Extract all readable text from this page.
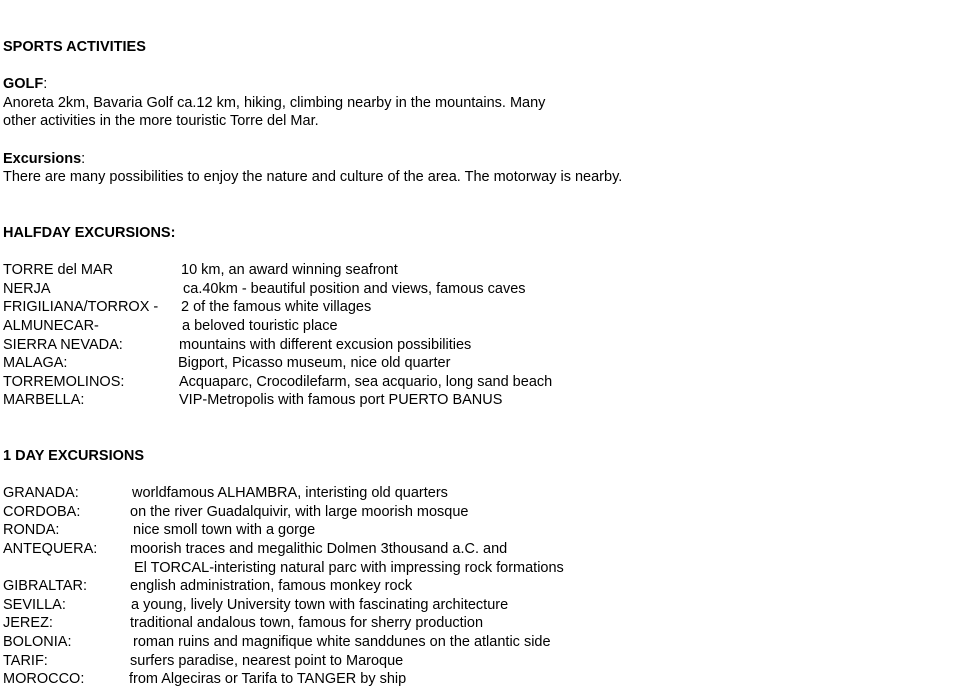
SPORTS ACTIVITIES
GOLF:
Anoreta 2km, Bavaria Golf ca.12 km, hiking, climbing nearby in the mountains. Many
other activities in the more touristic Torre del Mar.
Excursions:
There are many possibilities to enjoy the nature and culture of the area. The motorway is nearby.
HALFDAY EXCURSIONS:
TORRE del MAR	10 km, an award winning seafront
NERJA	ca.40km - beautiful position and views, famous caves
FRIGILIANA/TORROX - 2 of the famous white villages
ALMUNECAR-	a beloved touristic place
SIERRA NEVADA:	mountains with different excusion possibilities
MALAGA:	Bigport, Picasso museum, nice old quarter
TORREMOLINOS:	Acquaparc, Crocodilefarm, sea acquario, long sand beach
MARBELLA:	VIP-Metropolis with famous port PUERTO BANUS
1 DAY EXCURSIONS
GRANADA:	worldfamous ALHAMBRA, interisting old quarters
CORDOBA:	on the river Guadalquivir, with large moorish mosque
RONDA:	nice smoll town with a gorge
ANTEQUERA: moorish traces and megalithic Dolmen 3thousand a.C. and
El TORCAL-interisting natural parc with impressing rock formations
GIBRALTAR:	english administration, famous monkey rock
SEVILLA:	a young, lively University town with fascinating architecture
JEREZ:	traditional andalous town, famous for sherry production
BOLONIA:	roman ruins and magnifique white sanddunes on the atlantic side
TARIF:	surfers paradise, nearest point to Maroque
MOROCCO:	from Algeciras or Tarifa to TANGER by ship
